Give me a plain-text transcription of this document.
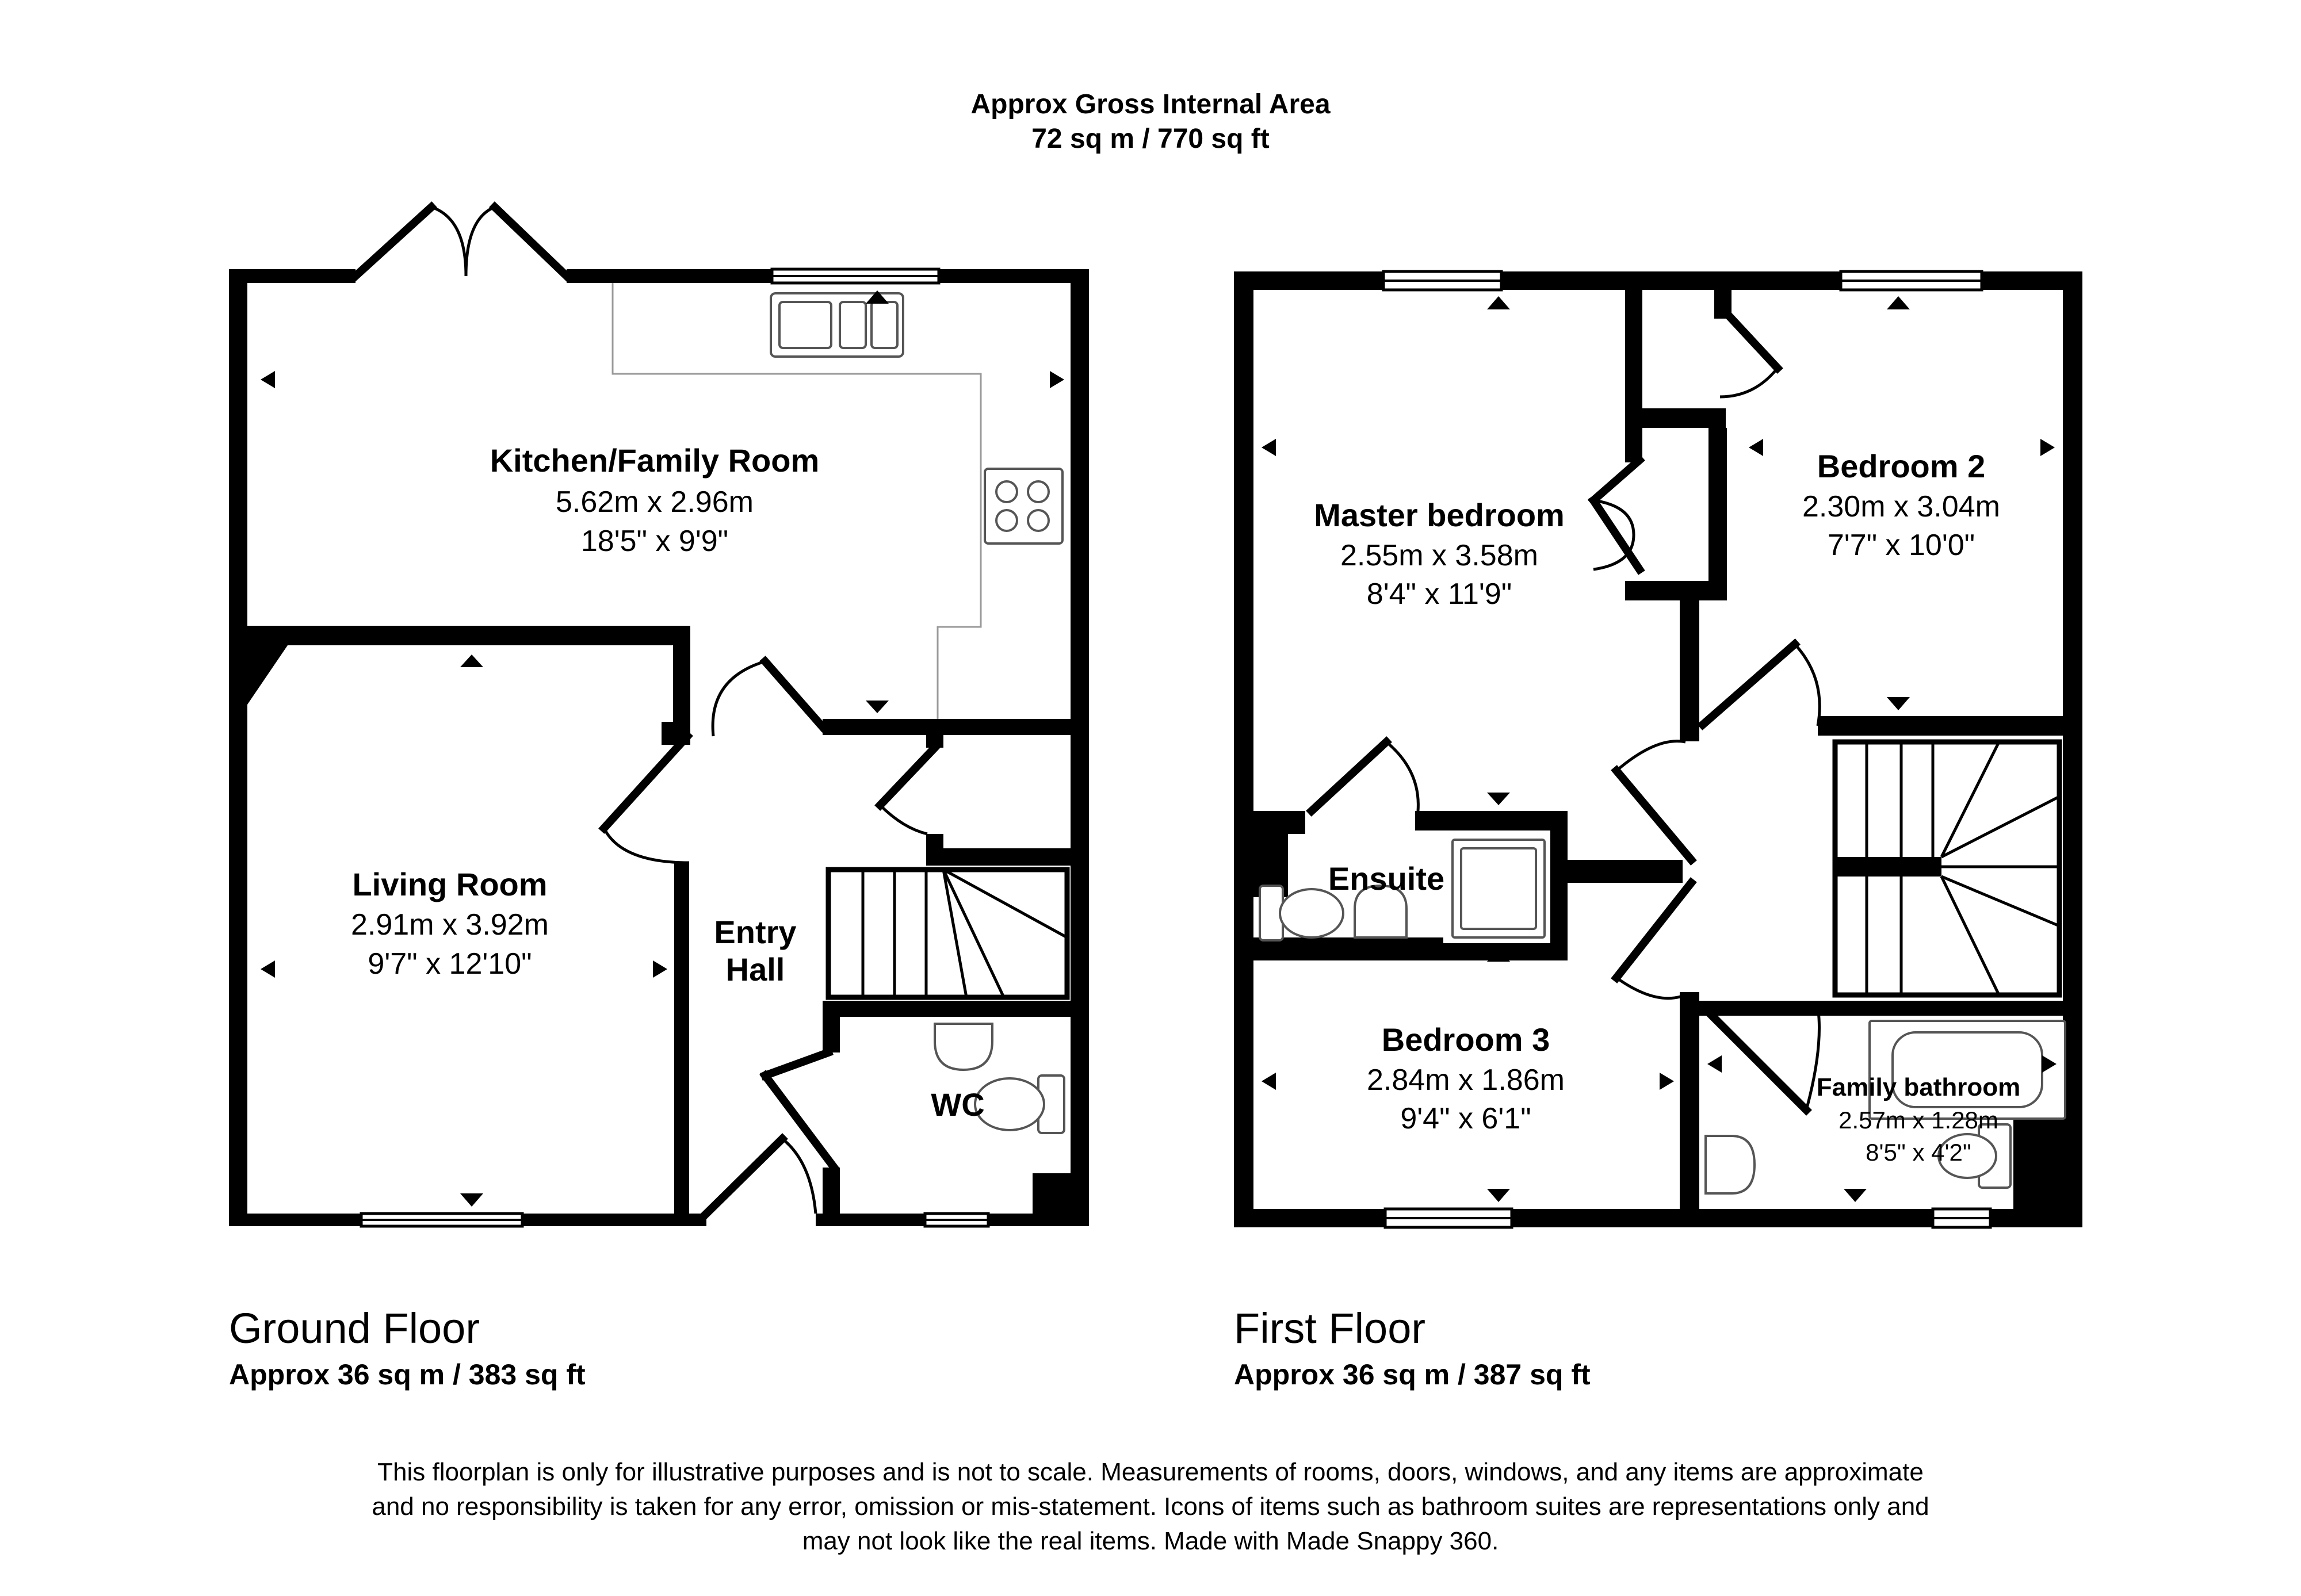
Approx Gross Internal Area
72 sq m / 770 sq ft
Kitchen/Family Room
5.62m x 2.96m
18'5" x 9'9"
Living Room
2.91m x 3.92m
9'7" x 12'10"
Entry
Hall
WC
Master bedroom
2.55m x 3.58m
8'4" x 11'9"
Bedroom 2
2.30m x 3.04m
7'7" x 10'0"
Ensuite
Bedroom 3
2.84m x 1.86m
9'4" x 6'1"
Family bathroom
2.57m x 1.28m
8'5" x 4'2"
Ground Floor
Approx 36 sq m / 383 sq ft
First Floor
Approx 36 sq m / 387 sq ft
This floorplan is only for illustrative purposes and is not to scale. Measurements of rooms, doors, windows, and any items are approximate
and no responsibility is taken for any error, omission or mis-statement. Icons of items such as bathroom suites are representations only and
may not look like the real items. Made with Made Snappy 360.
